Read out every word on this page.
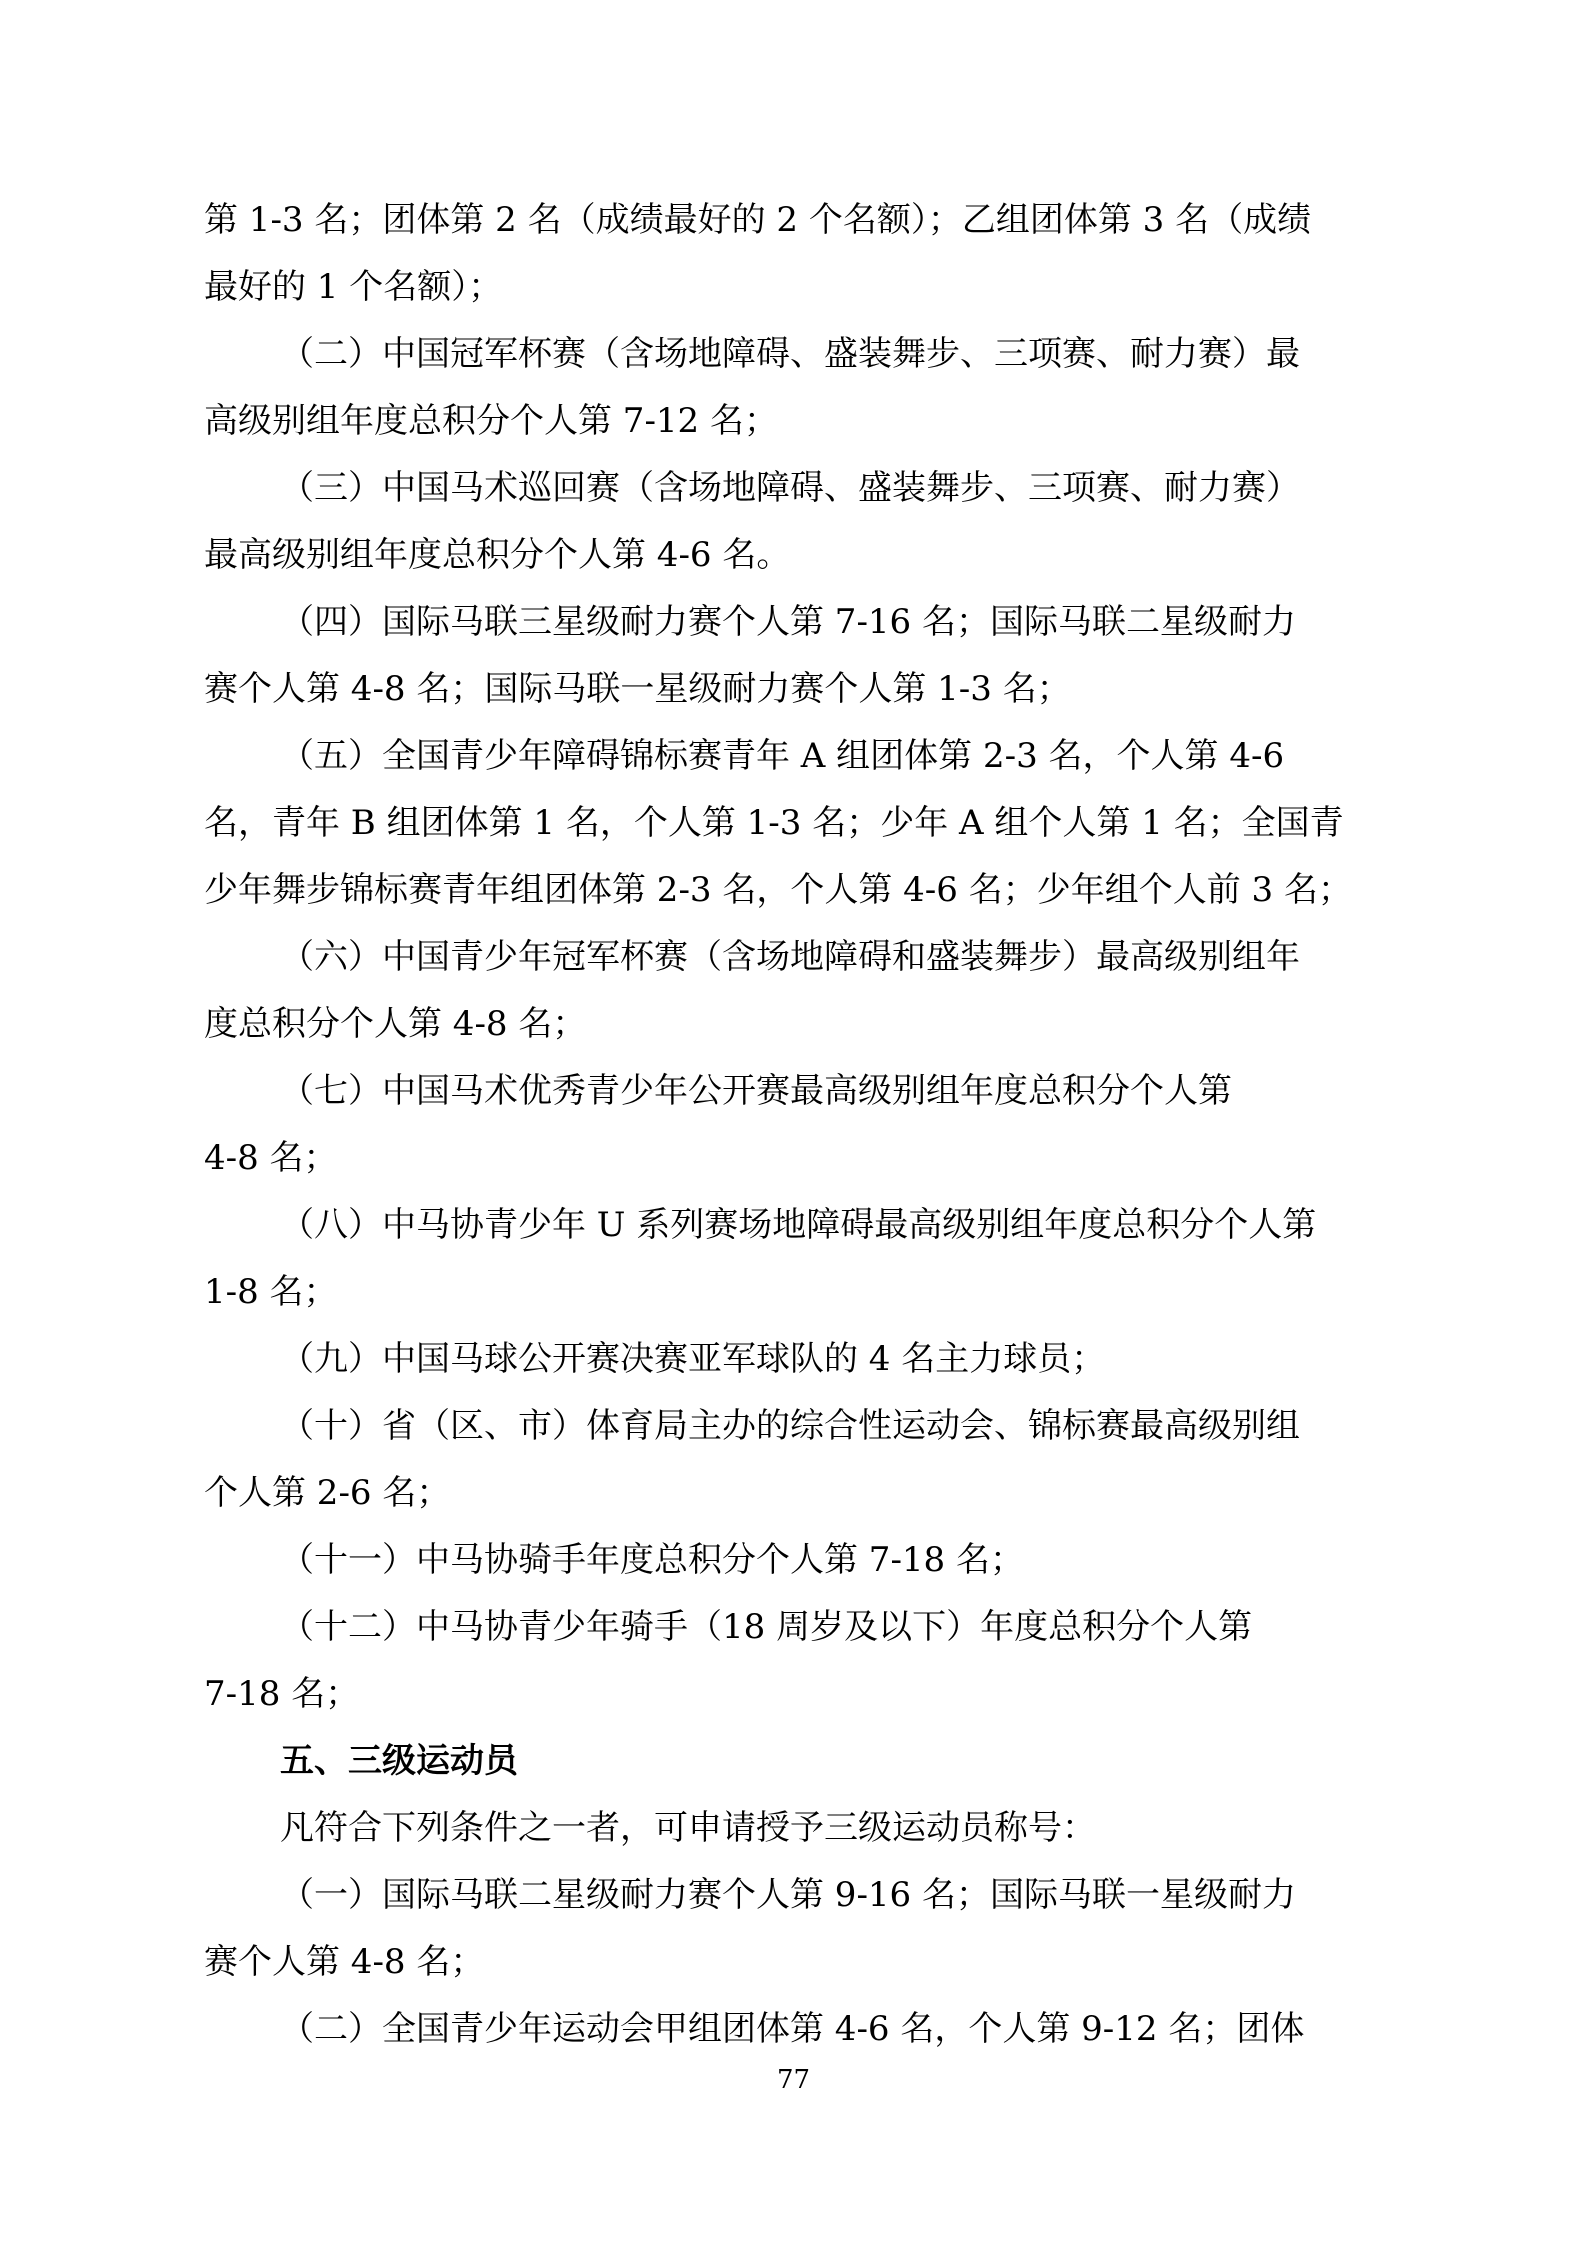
第 1-3 名；团体第 2 名（成绩最好的 2 个名额）；乙组团体第 3 名（成绩
最好的 1 个名额）；
（二）中国冠军杯赛（含场地障碍、盛装舞步、三项赛、耐力赛）最
高级别组年度总积分个人第 7-12 名；
（三）中国马术巡回赛（含场地障碍、盛装舞步、三项赛、耐力赛）
最高级别组年度总积分个人第 4-6 名。
（四）国际马联三星级耐力赛个人第 7-16 名；国际马联二星级耐力
赛个人第 4-8 名；国际马联一星级耐力赛个人第 1-3 名；
（五）全国青少年障碍锦标赛青年 A 组团体第 2-3 名，个人第 4-6
名，青年 B 组团体第 1 名，个人第 1-3 名；少年 A 组个人第 1 名；全国青
少年舞步锦标赛青年组团体第 2-3 名，个人第 4-6 名；少年组个人前 3 名；
（六）中国青少年冠军杯赛（含场地障碍和盛装舞步）最高级别组年
度总积分个人第 4-8 名；
（七）中国马术优秀青少年公开赛最高级别组年度总积分个人第
4-8 名；
（八）中马协青少年 U 系列赛场地障碍最高级别组年度总积分个人第
1-8 名；
（九）中国马球公开赛决赛亚军球队的 4 名主力球员；
（十）省（区、市）体育局主办的综合性运动会、锦标赛最高级别组
个人第 2-6 名；
（十一）中马协骑手年度总积分个人第 7-18 名；
（十二）中马协青少年骑手（18 周岁及以下）年度总积分个人第
7-18 名；
五、三级运动员
凡符合下列条件之一者，可申请授予三级运动员称号：
（一）国际马联二星级耐力赛个人第 9-16 名；国际马联一星级耐力
赛个人第 4-8 名；
（二）全国青少年运动会甲组团体第 4-6 名，个人第 9-12 名；团体
77
